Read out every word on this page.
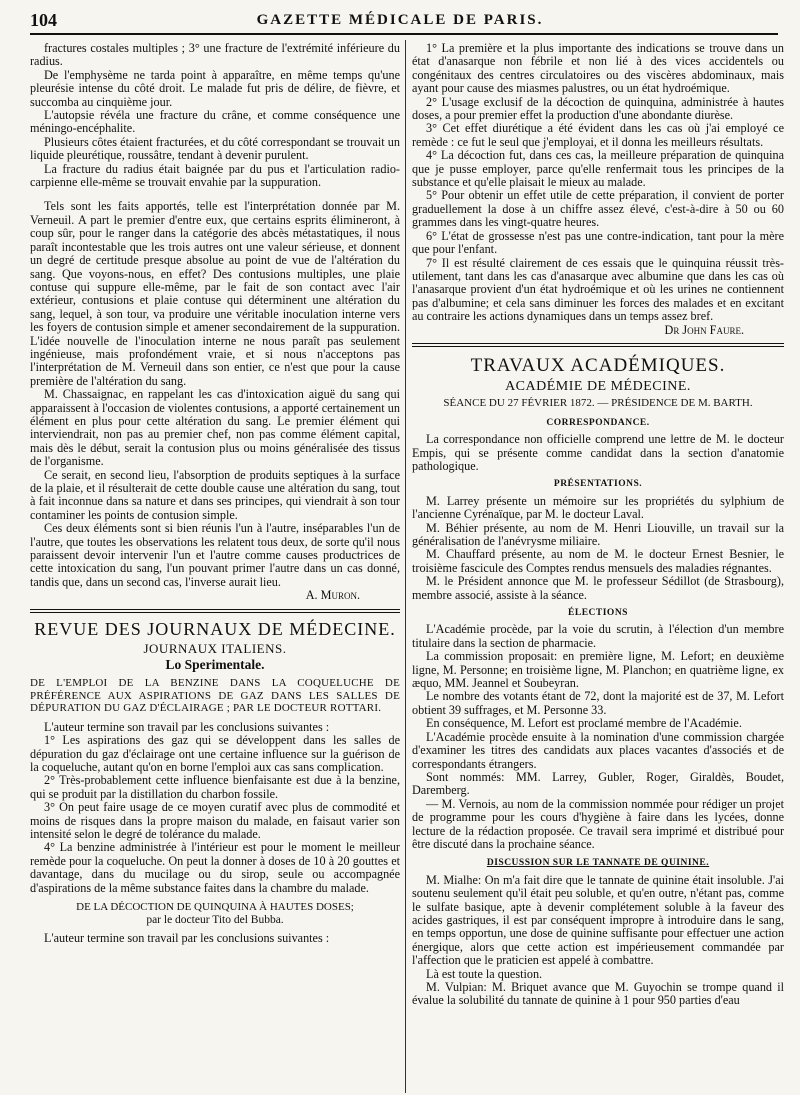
104	GAZETTE MÉDICALE DE PARIS.

fractures costales multiples ; 3° une fracture de l'extrémité inférieure du radius.

De l'emphysème ne tarda point à apparaître, en même temps qu'une pleurésie intense du côté droit. Le malade fut pris de délire, de fièvre, et succomba au cinquième jour.

L'autopsie révéla une fracture du crâne, et comme conséquence une méningo-encéphalite.

Plusieurs côtes étaient fracturées, et du côté correspondant se trouvait un liquide pleurétique, roussâtre, tendant à devenir purulent.

La fracture du radius était baignée par du pus et l'articulation radio-carpienne elle-même se trouvait envahie par la suppuration.

Tels sont les faits apportés, telle est l'interprétation donnée par M. Verneuil. A part le premier d'entre eux, que certains esprits élimineront, à coup sûr, pour le ranger dans la catégorie des abcès métastatiques, il nous paraît incontestable que les trois autres ont une valeur sérieuse, et donnent un degré de certitude presque absolue au point de vue de l'altération du sang. Que voyons-nous, en effet? Des contusions multiples, une plaie contuse qui suppure elle-même, par le fait de son contact avec l'air extérieur, contusions et plaie contuse qui déterminent une altération du sang, lequel, à son tour, va produire une véritable inoculation interne vers les foyers de contusion simple et amener secondairement de la suppuration. L'idée nouvelle de l'inoculation interne ne nous paraît pas seulement ingénieuse, mais profondément vraie, et si nous n'acceptons pas l'interprétation de M. Verneuil dans son entier, ce n'est que pour la cause première de l'altération du sang.

M. Chassaignac, en rappelant les cas d'intoxication aiguë du sang qui apparaissent à l'occasion de violentes contusions, a apporté certainement un élément en plus pour cette altération du sang. Le premier élément qui interviendrait, non pas au premier chef, non pas comme élément capital, mais dès le début, serait la contusion plus ou moins généralisée des tissus de l'organisme.

Ce serait, en second lieu, l'absorption de produits septiques à la surface de la plaie, et il résulterait de cette double cause une altération du sang, tout à fait inconnue dans sa nature et dans ses principes, qui viendrait à son tour contaminer les points de contusion simple.

Ces deux éléments sont si bien réunis l'un à l'autre, inséparables l'un de l'autre, que toutes les observations les relatent tous deux, de sorte qu'il nous paraissent devoir intervenir l'un et l'autre comme causes productrices de cette intoxication du sang, l'un pouvant primer l'autre dans un cas donné, tandis que, dans un second cas, l'inverse aurait lieu.

A. Muron.

REVUE DES JOURNAUX DE MÉDECINE.

JOURNAUX ITALIENS.

Lo Sperimentale.

DE L'EMPLOI DE LA BENZINE DANS LA COQUELUCHE DE PRÉFÉRENCE AUX ASPIRATIONS DE GAZ DANS LES SALLES DE DÉPURATION DU GAZ D'ÉCLAIRAGE ; PAR LE DOCTEUR ROTTARI.

L'auteur termine son travail par les conclusions suivantes :

1° Les aspirations des gaz qui se développent dans les salles de dépuration du gaz d'éclairage ont une certaine influence sur la guérison de la coqueluche, autant qu'on en borne l'emploi aux cas sans complication.

2° Très-probablement cette influence bienfaisante est due à la benzine, qui se produit par la distillation du charbon fossile.

3° On peut faire usage de ce moyen curatif avec plus de commodité et moins de risques dans la propre maison du malade, en faisaut varier son intensité selon le degré de tolérance du malade.

4° La benzine administrée à l'intérieur est pour le moment le meilleur remède pour la coqueluche. On peut la donner à doses de 10 à 20 gouttes et davantage, dans du mucilage ou du sirop, seule ou accompagnée d'aspirations de la même substance faites dans la chambre du malade.

DE LA DÉCOCTION DE QUINQUINA À HAUTES DOSES;
par le docteur Tito del Bubba.

L'auteur termine son travail par les conclusions suivantes :

1° La première et la plus importante des indications se trouve dans un état d'anasarque non fébrile et non lié à des vices accidentels ou congénitaux des centres circulatoires ou des viscères abdominaux, mais ayant pour cause des miasmes palustres, ou un état hydroémique.

2° L'usage exclusif de la décoction de quinquina, administrée à hautes doses, a pour premier effet la production d'une abondante diurèse.

3° Cet effet diurétique a été évident dans les cas où j'ai employé ce remède : ce fut le seul que j'employai, et il donna les meilleurs résultats.

4° La décoction fut, dans ces cas, la meilleure préparation de quinquina que je pusse employer, parce qu'elle renfermait tous les principes de la substance et qu'elle plaisait le mieux au malade.

5° Pour obtenir un effet utile de cette préparation, il convient de porter graduellement la dose à un chiffre assez élevé, c'est-à-dire à 50 ou 60 grammes dans les vingt-quatre heures.

6° L'état de grossesse n'est pas une contre-indication, tant pour la mère que pour l'enfant.

7° Il est résulté clairement de ces essais que le quinquina réussit très-utilement, tant dans les cas d'anasarque avec albumine que dans les cas où l'anasarque provient d'un état hydroémique et où les urines ne contiennent pas d'albumine; et cela sans diminuer les forces des malades et en excitant au contraire les actions dynamiques dans un temps assez bref.

Dr John Faure.

TRAVAUX ACADÉMIQUES.

ACADÉMIE DE MÉDECINE.

SÉANCE DU 27 FÉVRIER 1872. — PRÉSIDENCE DE M. BARTH.

CORRESPONDANCE.

La correspondance non officielle comprend une lettre de M. le docteur Empis, qui se présente comme candidat dans la section d'anatomie pathologique.

PRÉSENTATIONS.

M. Larrey présente un mémoire sur les propriétés du sylphium de l'ancienne Cyrénaïque, par M. le docteur Laval.

M. Béhier présente, au nom de M. Henri Liouville, un travail sur la généralisation de l'anévrysme miliaire.

M. Chauffard présente, au nom de M. le docteur Ernest Besnier, le troisième fascicule des Comptes rendus mensuels des maladies régnantes.

M. le Président annonce que M. le professeur Sédillot (de Strasbourg), membre associé, assiste à la séance.

ÉLECTIONS

L'Académie procède, par la voie du scrutin, à l'élection d'un membre titulaire dans la section de pharmacie.

La commission proposait: en première ligne, M. Lefort; en deuxième ligne, M. Personne; en troisième ligne, M. Planchon; en quatrième ligne, ex æquo, MM. Jeannel et Soubeyran.

Le nombre des votants étant de 72, dont la majorité est de 37, M. Lefort obtient 39 suffrages, et M. Personne 33.

En conséquence, M. Lefort est proclamé membre de l'Académie.

L'Académie procède ensuite à la nomination d'une commission chargée d'examiner les titres des candidats aux places vacantes d'associés et de correspondants étrangers.

Sont nommés: MM. Larrey, Gubler, Roger, Giraldès, Boudet, Daremberg.

— M. Vernois, au nom de la commission nommée pour rédiger un projet de programme pour les cours d'hygiène à faire dans les lycées, donne lecture de la rédaction proposée. Ce travail sera imprimé et distribué pour être discuté dans la prochaine séance.

DISCUSSION SUR LE TANNATE DE QUININE.

M. Mialhe: On m'a fait dire que le tannate de quinine était insoluble. J'ai soutenu seulement qu'il était peu soluble, et qu'en outre, n'étant pas, comme le sulfate basique, apte à devenir complétement soluble à la faveur des acides gastriques, il est par conséquent impropre à introduire dans le sang, en temps opportun, une dose de quinine suffisante pour effectuer une action énergique, alors que cette action est impérieusement commandée par l'affection que le praticien est appelé à combattre.

Là est toute la question.

M. Vulpian: M. Briquet avance que M. Guyochin se trompe quand il évalue la solubilité du tannate de quinine à 1 pour 950 parties d'eau
